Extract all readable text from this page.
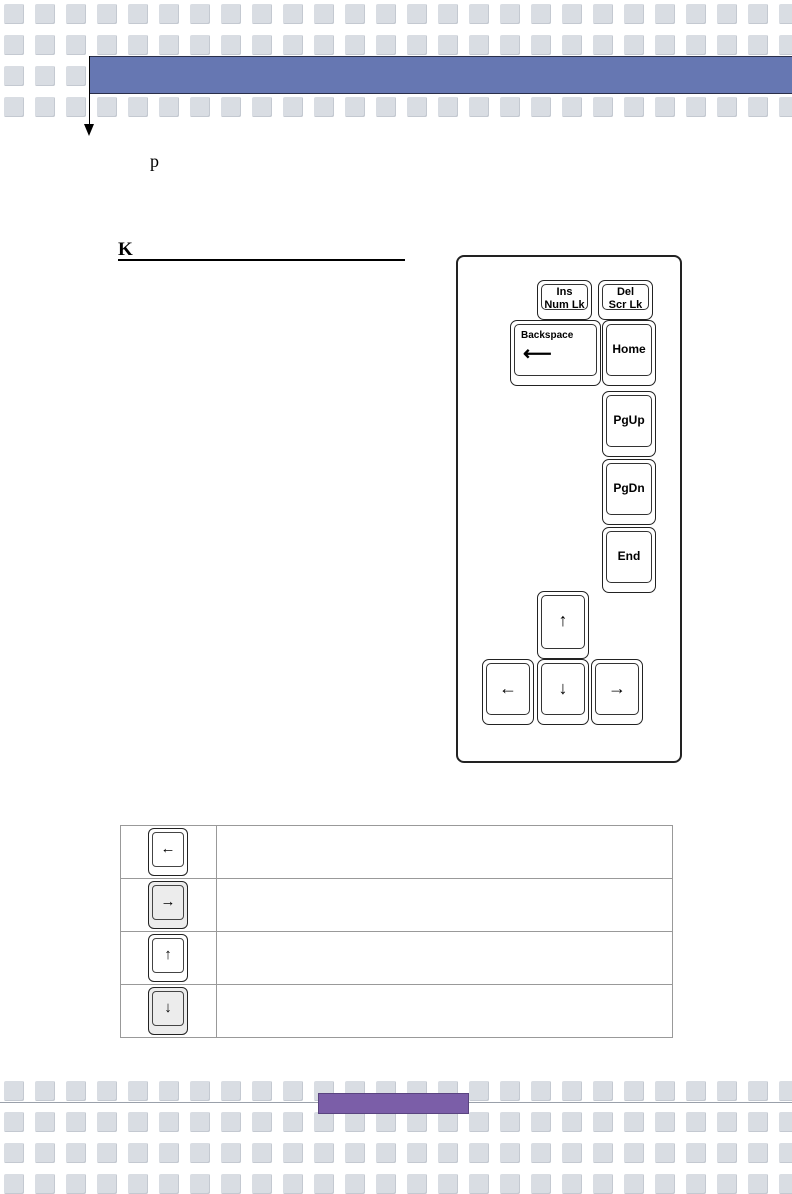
p
K
Ins
Num Lk
Del
Scr Lk
Backspace
⟵	Home
PgUp
PgDn
End
↑
←	↓	→
←	

→	

↑	

↓	
